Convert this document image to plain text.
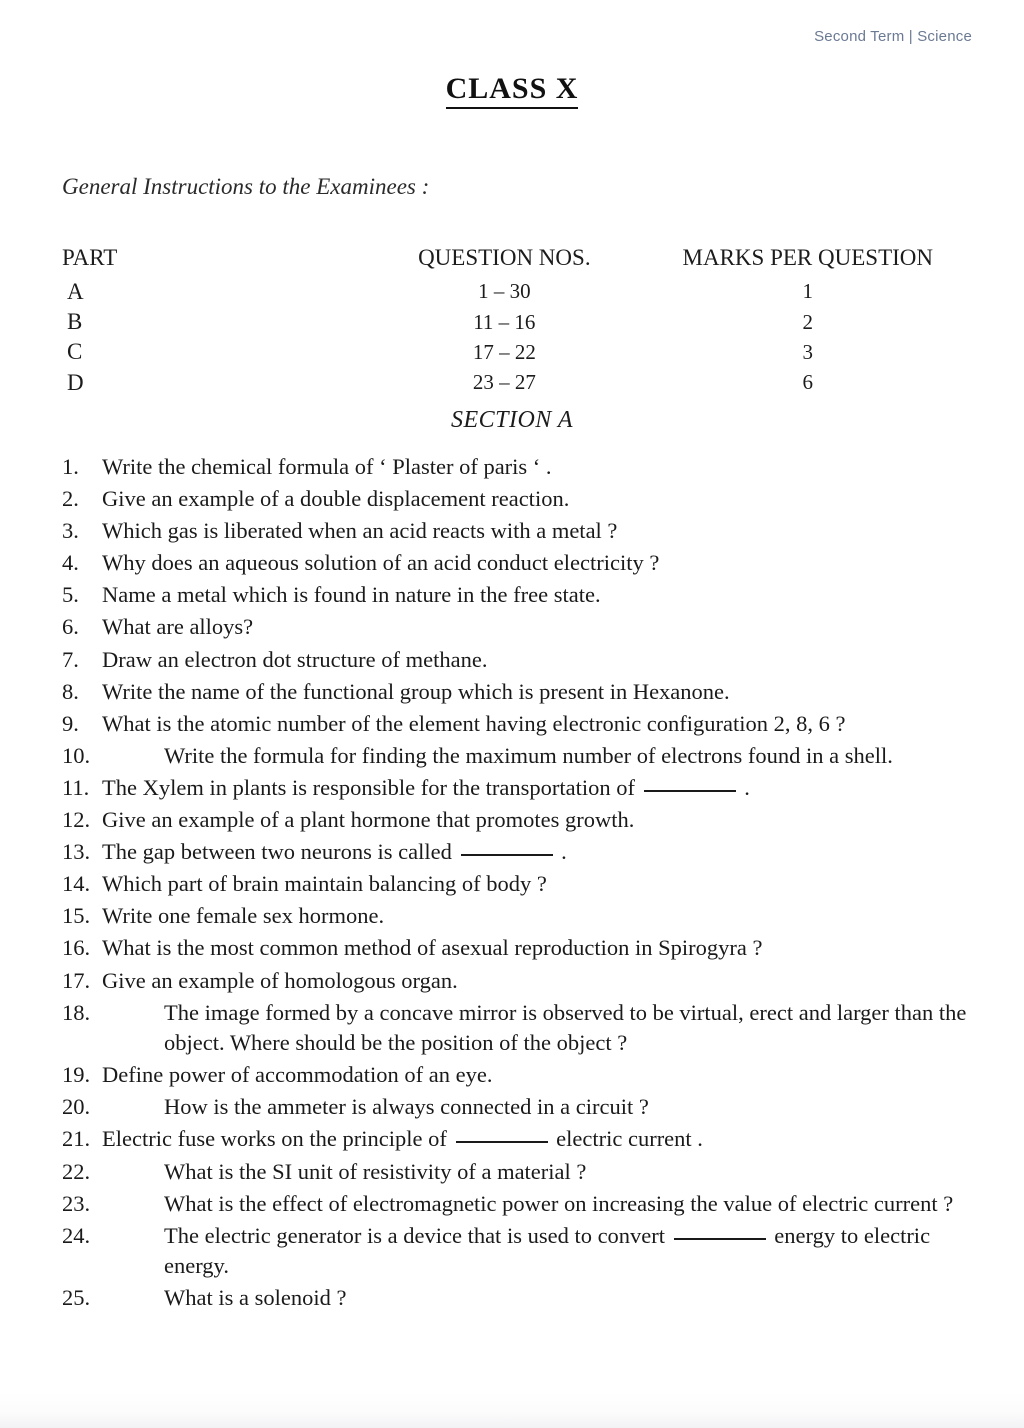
Second Term | Science
CLASS X
General Instructions to the Examinees :
PART	QUESTION NOS.	MARKS PER QUESTION
A	1 – 30	1
B	11 – 16	2
C	17 – 22	3
D	23 – 27	6
SECTION A
1.	Write the chemical formula of ‘ Plaster of paris ‘ .
2.	Give an example of a double displacement reaction.
3.	Which gas is liberated when an acid reacts with a metal ?
4.	Why does an aqueous solution of an acid conduct electricity ?
5.	Name a metal which is found in nature in the free state.
6.	What are alloys?
7.	Draw an electron dot structure of methane.
8.	Write the name of the functional group which is present in Hexanone.
9.	What is the atomic number of the element having electronic configuration 2, 8, 6 ?
10.	Write the formula for finding the maximum number of electrons found in a shell.
11. The Xylem in plants is responsible for the transportation of	.
12. Give an example of a plant hormone that promotes growth.
13. The gap between two neurons is called	.
14. Which part of brain maintain balancing of body ?
15. Write one female sex hormone.
16. What is the most common method of asexual reproduction in Spirogyra ?
17. Give an example of homologous organ.
18.	The image formed by a concave mirror is observed to be virtual, erect and larger than the object. Where should be the position of the object ?
19. Define power of accommodation of an eye.
20.	How is the ammeter is always connected in a circuit ?
21. Electric fuse works on the principle of	electric current .
22.	What is the SI unit of resistivity of a material ?
23.	What is the effect of electromagnetic power on increasing the value of electric current ?
24.	The electric generator is a device that is used to convert	energy to electric energy.
25.	What is a solenoid ?
